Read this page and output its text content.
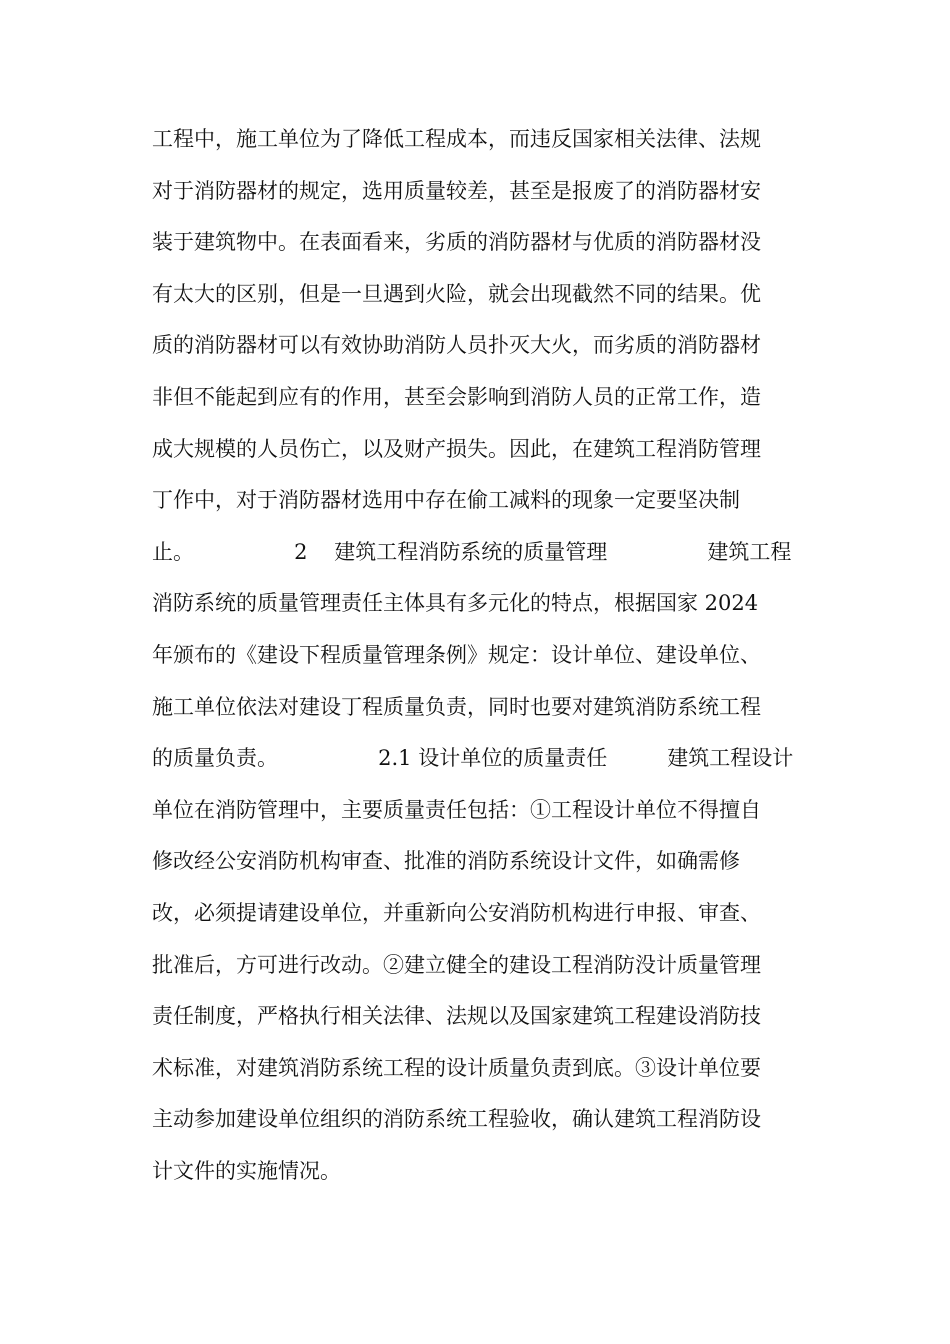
工程中，施工单位为了降低工程成本，而违反国家相关法律、法规
对于消防器材的规定，选用质量较差，甚至是报废了的消防器材安
装于建筑物中。在表面看来，劣质的消防器材与优质的消防器材没
有太大的区别，但是一旦遇到火险，就会出现截然不同的结果。优
质的消防器材可以有效协助消防人员扑灭大火，而劣质的消防器材
非但不能起到应有的作用，甚至会影响到消防人员的正常工作，造
成大规模的人员伤亡，以及财产损失。因此，在建筑工程消防管理
丁作中，对于消防器材选用中存在偷工减料的现象一定要坚决制
止。               2    建筑工程消防系统的质量管理               建筑工程
消防系统的质量管理责任主体具有多元化的特点，根据国家 2024
年颁布的《建设下程质量管理条例》规定：设计单位、建设单位、
施工单位依法对建设丁程质量负责，同时也要对建筑消防系统工程
的质量负责。               2.1 设计单位的质量责任         建筑工程设计
单位在消防管理中，主要质量责任包括：①工程设计单位不得擅自
修改经公安消防机构审查、批准的消防系统设计文件，如确需修
改，必须提请建设单位，并重新向公安消防机构进行申报、审查、
批准后，方可进行改动。②建立健全的建设工程消防没计质量管理
责任制度，严格执行相关法律、法规以及国家建筑工程建设消防技
术标准，对建筑消防系统工程的设计质量负责到底。③设计单位要
主动参加建设单位组织的消防系统工程验收，确认建筑工程消防设
计文件的实施情况。
